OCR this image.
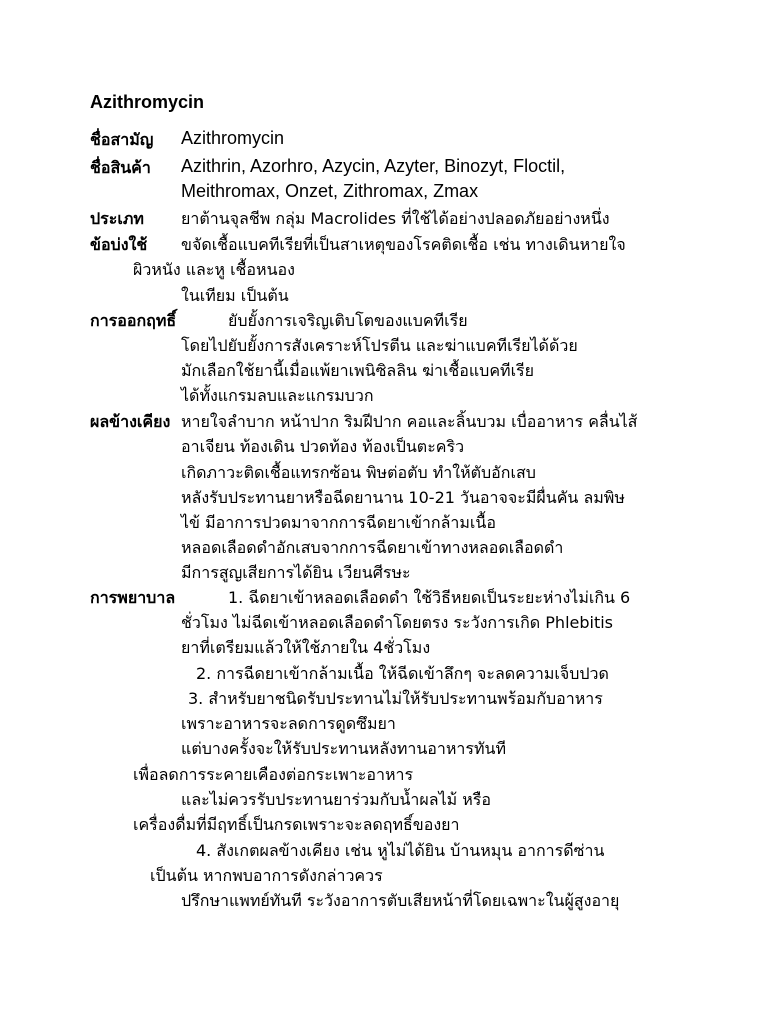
Azithromycin
ชื่อสามัญ Azithromycin
ชื่อสินค้า Azithrin, Azorhro, Azycin, Azyter, Binozyt, Floctil,
Meithromax, Onzet, Zithromax, Zmax
ประเภท ยาต้านจุลชีพ กลุ่ม Macrolides ที่ใช้ได้อย่างปลอดภัยอย่างหนึ่ง
ข้อบ่งใช้ ขจัดเชื้อแบคทีเรียที่เป็นสาเหตุของโรคติดเชื้อ เช่น ทางเดินหายใจ
ผิวหนัง และหู เชื้อหนอง
ในเทียม เป็นต้น
การออกฤทธิ์	ยับยั้งการเจริญเติบโตของแบคทีเรีย
โดยไปยับยั้งการสังเคราะห์โปรตีน และฆ่าแบคทีเรียได้ด้วย
มักเลือกใช้ยานี้เมื่อแพ้ยาเพนิซิลลิน ฆ่าเชื้อแบคทีเรีย
ได้ทั้งแกรมลบและแกรมบวก
ผลข้างเคียง หายใจลำบาก หน้าปาก ริมฝีปาก คอและลิ้นบวม เบื่ออาหาร คลื่นไส้
อาเจียน ท้องเดิน ปวดท้อง ท้องเป็นตะคริว
เกิดภาวะติดเชื้อแทรกซ้อน พิษต่อตับ ทำให้ตับอักเสบ
หลังรับประทานยาหรือฉีดยานาน 10-21 วันอาจจะมีผื่นคัน ลมพิษ
ไข้ มีอาการปวดมาจากการฉีดยาเข้ากล้ามเนื้อ
หลอดเลือดดำอักเสบจากการฉีดยาเข้าทางหลอดเลือดดำ
มีการสูญเสียการได้ยิน เวียนศีรษะ
การพยาบาล	1. ฉีดยาเข้าหลอดเลือดดำ ใช้วิธีหยดเป็นระยะห่างไม่เกิน 6
ชั่วโมง ไม่ฉีดเข้าหลอดเลือดดำโดยตรง ระวังการเกิด Phlebitis
ยาที่เตรียมแล้วให้ใช้ภายใน 4ชั่วโมง
2. การฉีดยาเข้ากล้ามเนื้อ ให้ฉีดเข้าลึกๆ จะลดความเจ็บปวด
3. สำหรับยาชนิดรับประทานไม่ให้รับประทานพร้อมกับอาหาร
เพราะอาหารจะลดการดูดซึมยา
แต่บางครั้งจะให้รับประทานหลังทานอาหารทันที
เพื่อลดการระคายเคืองต่อกระเพาะอาหาร
และไม่ควรรับประทานยาร่วมกับน้ำผลไม้ หรือ
เครื่องดื่มที่มีฤทธิ์เป็นกรดเพราะจะลดฤทธิ์ของยา
4. สังเกตผลข้างเคียง เช่น หูไม่ได้ยิน บ้านหมุน อาการดีซ่าน
เป็นต้น หากพบอาการดังกล่าวควร
ปรึกษาแพทย์ทันที ระวังอาการตับเสียหน้าที่โดยเฉพาะในผู้สูงอายุ
